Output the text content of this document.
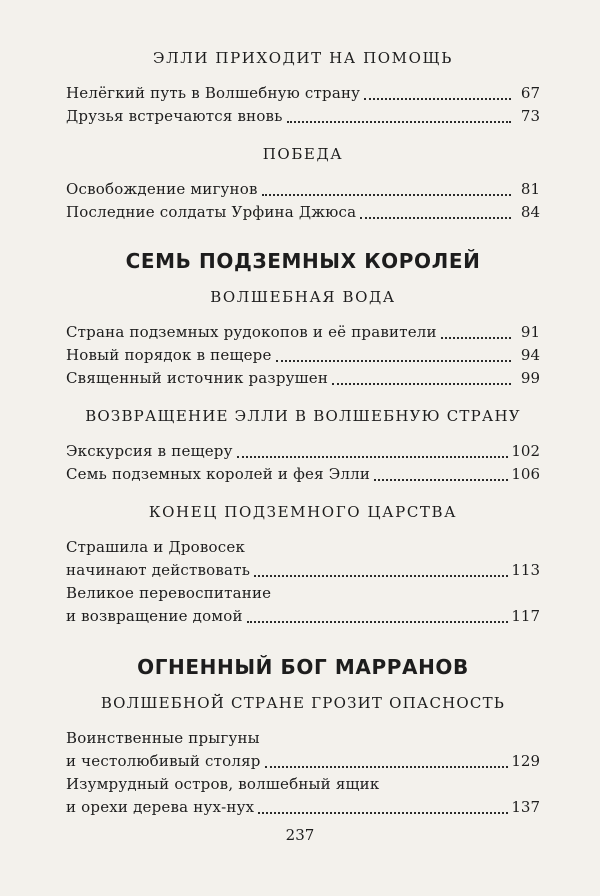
ЭЛЛИ ПРИХОДИТ НА ПОМОЩЬ
Нелёгкий путь в Волшебную страну	67
Друзья встречаются вновь	73
ПОБЕДА
Освобождение мигунов	81
Последние солдаты Урфина Джюса	84
СЕМЬ ПОДЗЕМНЫХ КОРОЛЕЙ
ВОЛШЕБНАЯ ВОДА
Страна подземных рудокопов и её правители	91
Новый порядок в пещере	94
Священный источник разрушен	99
ВОЗВРАЩЕНИЕ ЭЛЛИ В ВОЛШЕБНУЮ СТРАНУ
Экскурсия в пещеру	102
Семь подземных королей и фея Элли	106
КОНЕЦ ПОДЗЕМНОГО ЦАРСТВА
Страшила и Дровосек
начинают действовать	113
Великое перевоспитание
и возвращение домой	117
ОГНЕННЫЙ БОГ МАРРАНОВ
ВОЛШЕБНОЙ СТРАНЕ ГРОЗИТ ОПАСНОСТЬ
Воинственные прыгуны
и честолюбивый столяр	129
Изумрудный остров, волшебный ящик
и орехи дерева нух-нух	137
237
